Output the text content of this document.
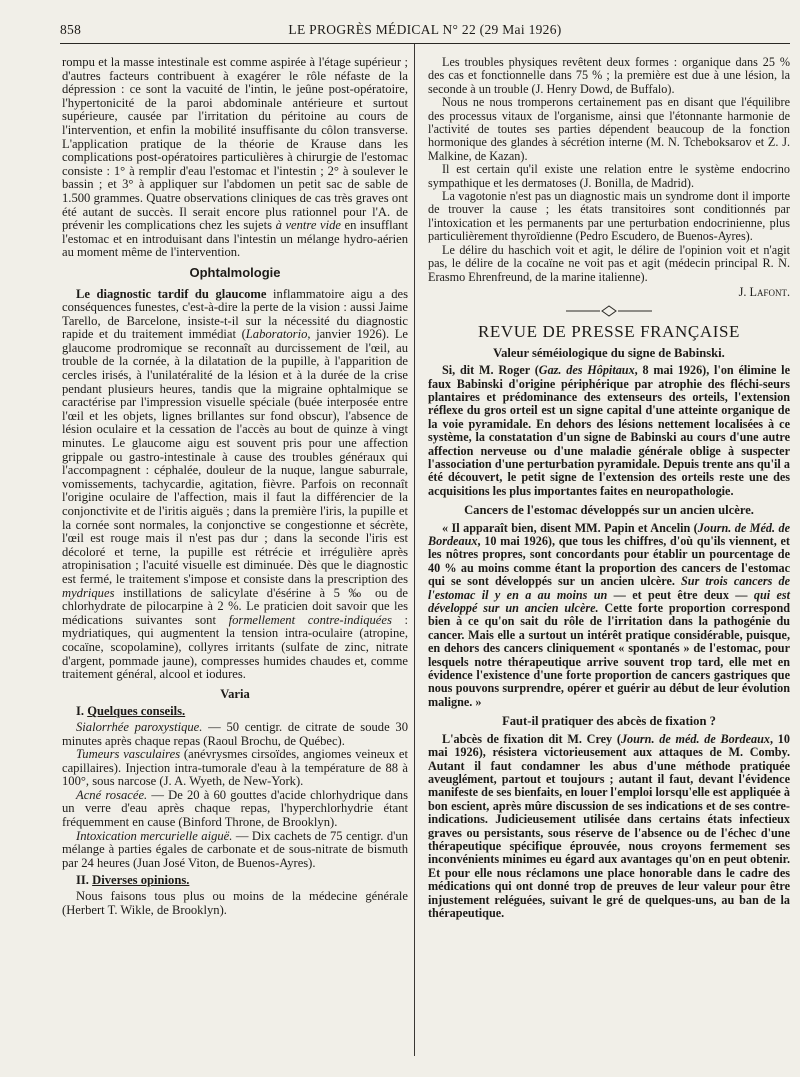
858	LE PROGRÈS MÉDICAL N° 22 (29 Mai 1926)

rompu et la masse intestinale est comme aspirée à l'étage supérieur ; d'autres facteurs contribuent à exagérer le rôle néfaste de la dépression : ce sont la vacuité de l'intin, le jeûne post-opératoire, l'hypertonicité de la paroi abdominale antérieure et surtout supérieure, causée par l'irritation du péritoine au cours de l'intervention, et enfin la mobilité insuffisante du côlon transverse. L'application pratique de la théorie de Krause dans les complications post-opératoires particulières à chirurgie de l'estomac consiste : 1° à remplir d'eau l'estomac et l'intestin ; 2° à soulever le bassin ; et 3° à appliquer sur l'abdomen un petit sac de sable de 1.500 grammes. Quatre observations cliniques de cas très graves ont été autant de succès. Il serait encore plus rationnel pour l'A. de prévenir les complications chez les sujets à ventre vide en insufflant l'estomac et en introduisant dans l'intestin un mélange hydro-aérien au moment même de l'intervention.

Ophtalmologie

Le diagnostic tardif du glaucome inflammatoire aigu a des conséquences funestes, c'est-à-dire la perte de la vision : aussi Jaime Tarello, de Barcelone, insiste-t-il sur la nécessité du diagnostic rapide et du traitement immédiat (Laboratorio, janvier 1926). Le glaucome prodromique se reconnaît au durcissement de l'œil, au trouble de la cornée, à la dilatation de la pupille, à l'apparition de cercles irisés, à l'unilatéralité de la lésion et à la durée de la crise pendant plusieurs heures, tandis que la migraine ophtalmique se caractérise par l'impression visuelle spéciale (buée interposée entre l'œil et les objets, lignes brillantes sur fond obscur), l'absence de lésion oculaire et la cessation de l'accès au bout de quinze à vingt minutes. Le glaucome aigu est souvent pris pour une affection grippale ou gastro-intestinale à cause des troubles généraux qui l'accompagnent : céphalée, douleur de la nuque, langue saburrale, vomissements, tachycardie, agitation, fièvre. Parfois on reconnaît l'origine oculaire de l'affection, mais il faut la différencier de la conjonctivite et de l'iritis aiguës ; dans la première l'iris, la pupille et la cornée sont normales, la conjonctive se congestionne et sécrète, l'œil est rouge mais il n'est pas dur ; dans la seconde l'iris est décoloré et terne, la pupille est rétrécie et irrégulière après atropinisation ; l'acuité visuelle est diminuée. Dès que le diagnostic est fermé, le traitement s'impose et consiste dans la prescription des mydriques instillations de salicylate d'ésérine à 5 ‰ ou de chlorhydrate de pilocarpine à 2 %. Le praticien doit savoir que les médications suivantes sont formellement contre-indiquées : mydriatiques, qui augmentent la tension intra-oculaire (atropine, cocaïne, scopolamine), collyres irritants (sulfate de zinc, nitrate d'argent, pommade jaune), compresses humides chaudes et, comme traitement général, alcool et iodures.

Varia

I. Quelques conseils.

Sialorrhée paroxystique. — 50 centigr. de citrate de soude 30 minutes après chaque repas (Raoul Brochu, de Québec).

Tumeurs vasculaires (anévrysmes cirsoïdes, angiomes veineux et capillaires). Injection intra-tumorale d'eau à la température de 88 à 100°, sous narcose (J. A. Wyeth, de New-York).

Acné rosacée. — De 20 à 60 gouttes d'acide chlorhydrique dans un verre d'eau après chaque repas, l'hyperchlorhydrie étant fréquemment en cause (Binford Throne, de Brooklyn).

Intoxication mercurielle aiguë. — Dix cachets de 75 centigr. d'un mélange à parties égales de carbonate et de sous-nitrate de bismuth par 24 heures (Juan José Viton, de Buenos-Ayres).

II. Diverses opinions.

Nous faisons tous plus ou moins de la médecine générale (Herbert T. Wikle, de Brooklyn).

Les troubles physiques revêtent deux formes : organique dans 25 % des cas et fonctionnelle dans 75 % ; la première est due à une lésion, la seconde à un trouble (J. Henry Dowd, de Buffalo).

Nous ne nous tromperons certainement pas en disant que l'équilibre des processus vitaux de l'organisme, ainsi que l'étonnante harmonie de l'activité de toutes ses parties dépendent beaucoup de la fonction hormonique des glandes à sécrétion interne (M. N. Tcheboksarov et Z. J. Malkine, de Kazan).

Il est certain qu'il existe une relation entre le système endocrino sympathique et les dermatoses (J. Bonilla, de Madrid).

La vagotonie n'est pas un diagnostic mais un syndrome dont il importe de trouver la cause ; les états transitoires sont conditionnés par l'intoxication et les permanents par une perturbation endocrinienne, plus particulièrement thyroïdienne (Pedro Escudero, de Buenos-Ayres).

Le délire du haschich voit et agit, le délire de l'opinion voit et n'agit pas, le délire de la cocaïne ne voit pas et agit (médecin principal R. N. Erasmo Ehrenfreund, de la marine italienne).

J. Lafont.

REVUE DE PRESSE FRANÇAISE
Valeur séméiologique du signe de Babinski.

Si, dit M. Roger (Gaz. des Hôpitaux, 8 mai 1926), l'on élimine le faux Babinski d'origine périphérique par atrophie des fléchi-seurs plantaires et prédominance des extenseurs des orteils, l'extension réflexe du gros orteil est un signe capital d'une atteinte organique de la voie pyramidale. En dehors des lésions nettement localisées à ce système, la constatation d'un signe de Babinski au cours d'une autre affection nerveuse ou d'une maladie générale oblige à suspecter l'association d'une perturbation pyramidale. Depuis trente ans qu'il a été découvert, le petit signe de l'extension des orteils reste une des acquisitions les plus importantes faites en neuropathologie.

Cancers de l'estomac développés sur un ancien ulcère.

« Il apparaît bien, disent MM. Papin et Ancelin (Journ. de Méd. de Bordeaux, 10 mai 1926), que tous les chiffres, d'où qu'ils viennent, et les nôtres propres, sont concordants pour établir un pourcentage de 40 % au moins comme étant la proportion des cancers de l'estomac qui se sont développés sur un ancien ulcère. Sur trois cancers de l'estomac il y en a au moins un — et peut être deux — qui est développé sur un ancien ulcère. Cette forte proportion correspond bien à ce qu'on sait du rôle de l'irritation dans la pathogénie du cancer. Mais elle a surtout un intérêt pratique considérable, puisque, en dehors des cancers cliniquement « spontanés » de l'estomac, pour lesquels notre thérapeutique arrive souvent trop tard, elle met en évidence l'existence d'une forte proportion de cancers gastriques que nous pouvons surprendre, opérer et guérir au début de leur évolution maligne. »

Faut-il pratiquer des abcès de fixation ?

L'abcès de fixation dit M. Crey (Journ. de méd. de Bordeaux, 10 mai 1926), résistera victorieusement aux attaques de M. Comby. Autant il faut condamner les abus d'une méthode pratiquée aveuglément, partout et toujours ; autant il faut, devant l'évidence manifeste de ses bienfaits, en louer l'emploi lorsqu'elle est appliquée à bon escient, après mûre discussion de ses indications et de ses contre-indications. Judicieusement utilisée dans certains états infectieux graves ou persistants, sous réserve de l'absence ou de l'échec d'une thérapeutique spécifique éprouvée, nous croyons fermement ses inconvénients minimes eu égard aux avantages qu'on en peut obtenir. Et pour elle nous réclamons une place honorable dans le cadre des médications qui ont donné trop de preuves de leur valeur pour être injustement reléguées, suivant le gré de quelques-uns, au ban de la thérapeutique.
